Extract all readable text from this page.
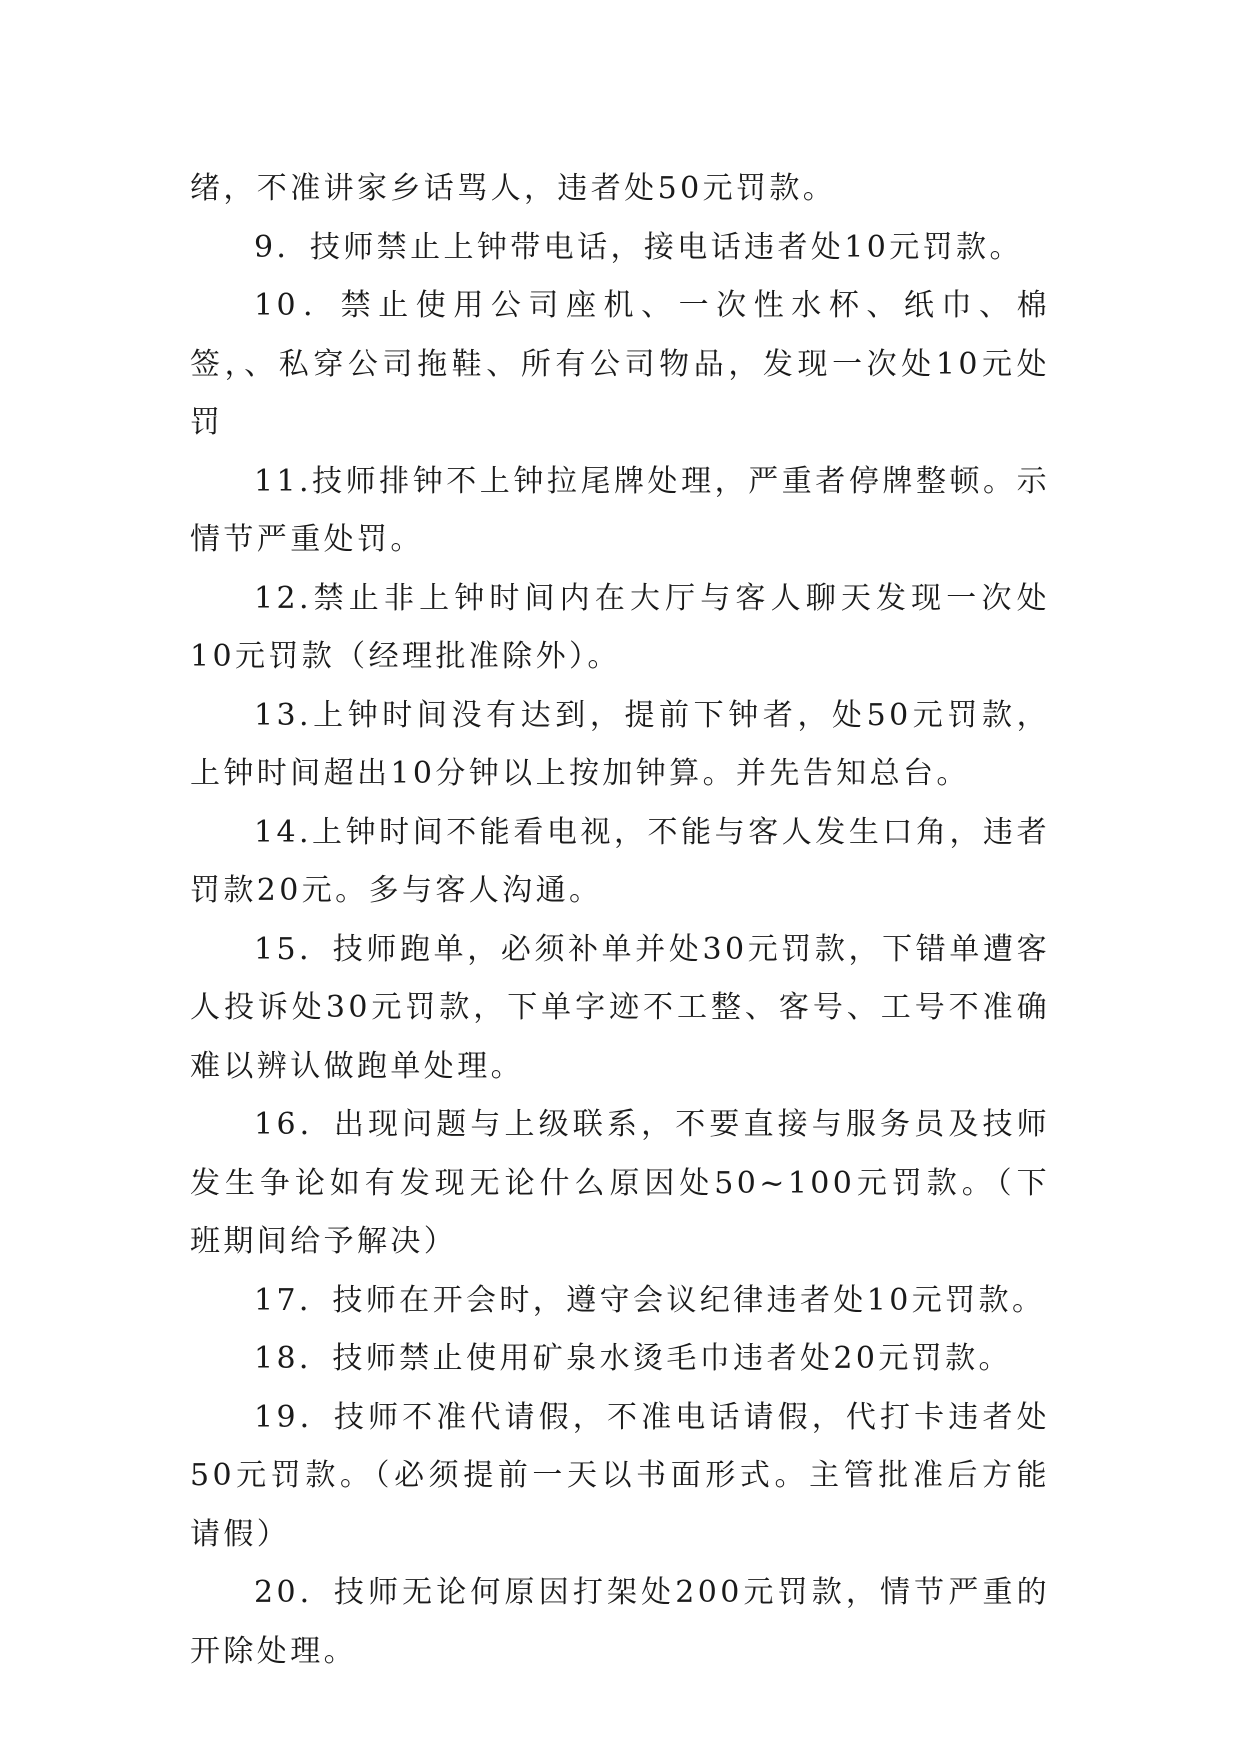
绪，不准讲家乡话骂人，违者处50元罚款。

9．技师禁止上钟带电话，接电话违者处10元罚款。

10．禁止使用公司座机、一次性水杯、纸巾、棉签，、私穿公司拖鞋、所有公司物品，发现一次处10元处罚

11.技师排钟不上钟拉尾牌处理，严重者停牌整顿。示情节严重处罚。

12.禁止非上钟时间内在大厅与客人聊天发现一次处10元罚款（经理批准除外）。

13.上钟时间没有达到，提前下钟者，处50元罚款，上钟时间超出10分钟以上按加钟算。并先告知总台。

14.上钟时间不能看电视，不能与客人发生口角，违者罚款20元。多与客人沟通。

15．技师跑单，必须补单并处30元罚款，下错单遭客人投诉处30元罚款，下单字迹不工整、客号、工号不准确难以辨认做跑单处理。

16．出现问题与上级联系，不要直接与服务员及技师发生争论如有发现无论什么原因处50~100元罚款。（下班期间给予解决）

17．技师在开会时，遵守会议纪律违者处10元罚款。

18．技师禁止使用矿泉水烫毛巾违者处20元罚款。

19．技师不准代请假，不准电话请假，代打卡违者处50元罚款。（必须提前一天以书面形式。主管批准后方能请假）

20．技师无论何原因打架处200元罚款，情节严重的开除处理。
